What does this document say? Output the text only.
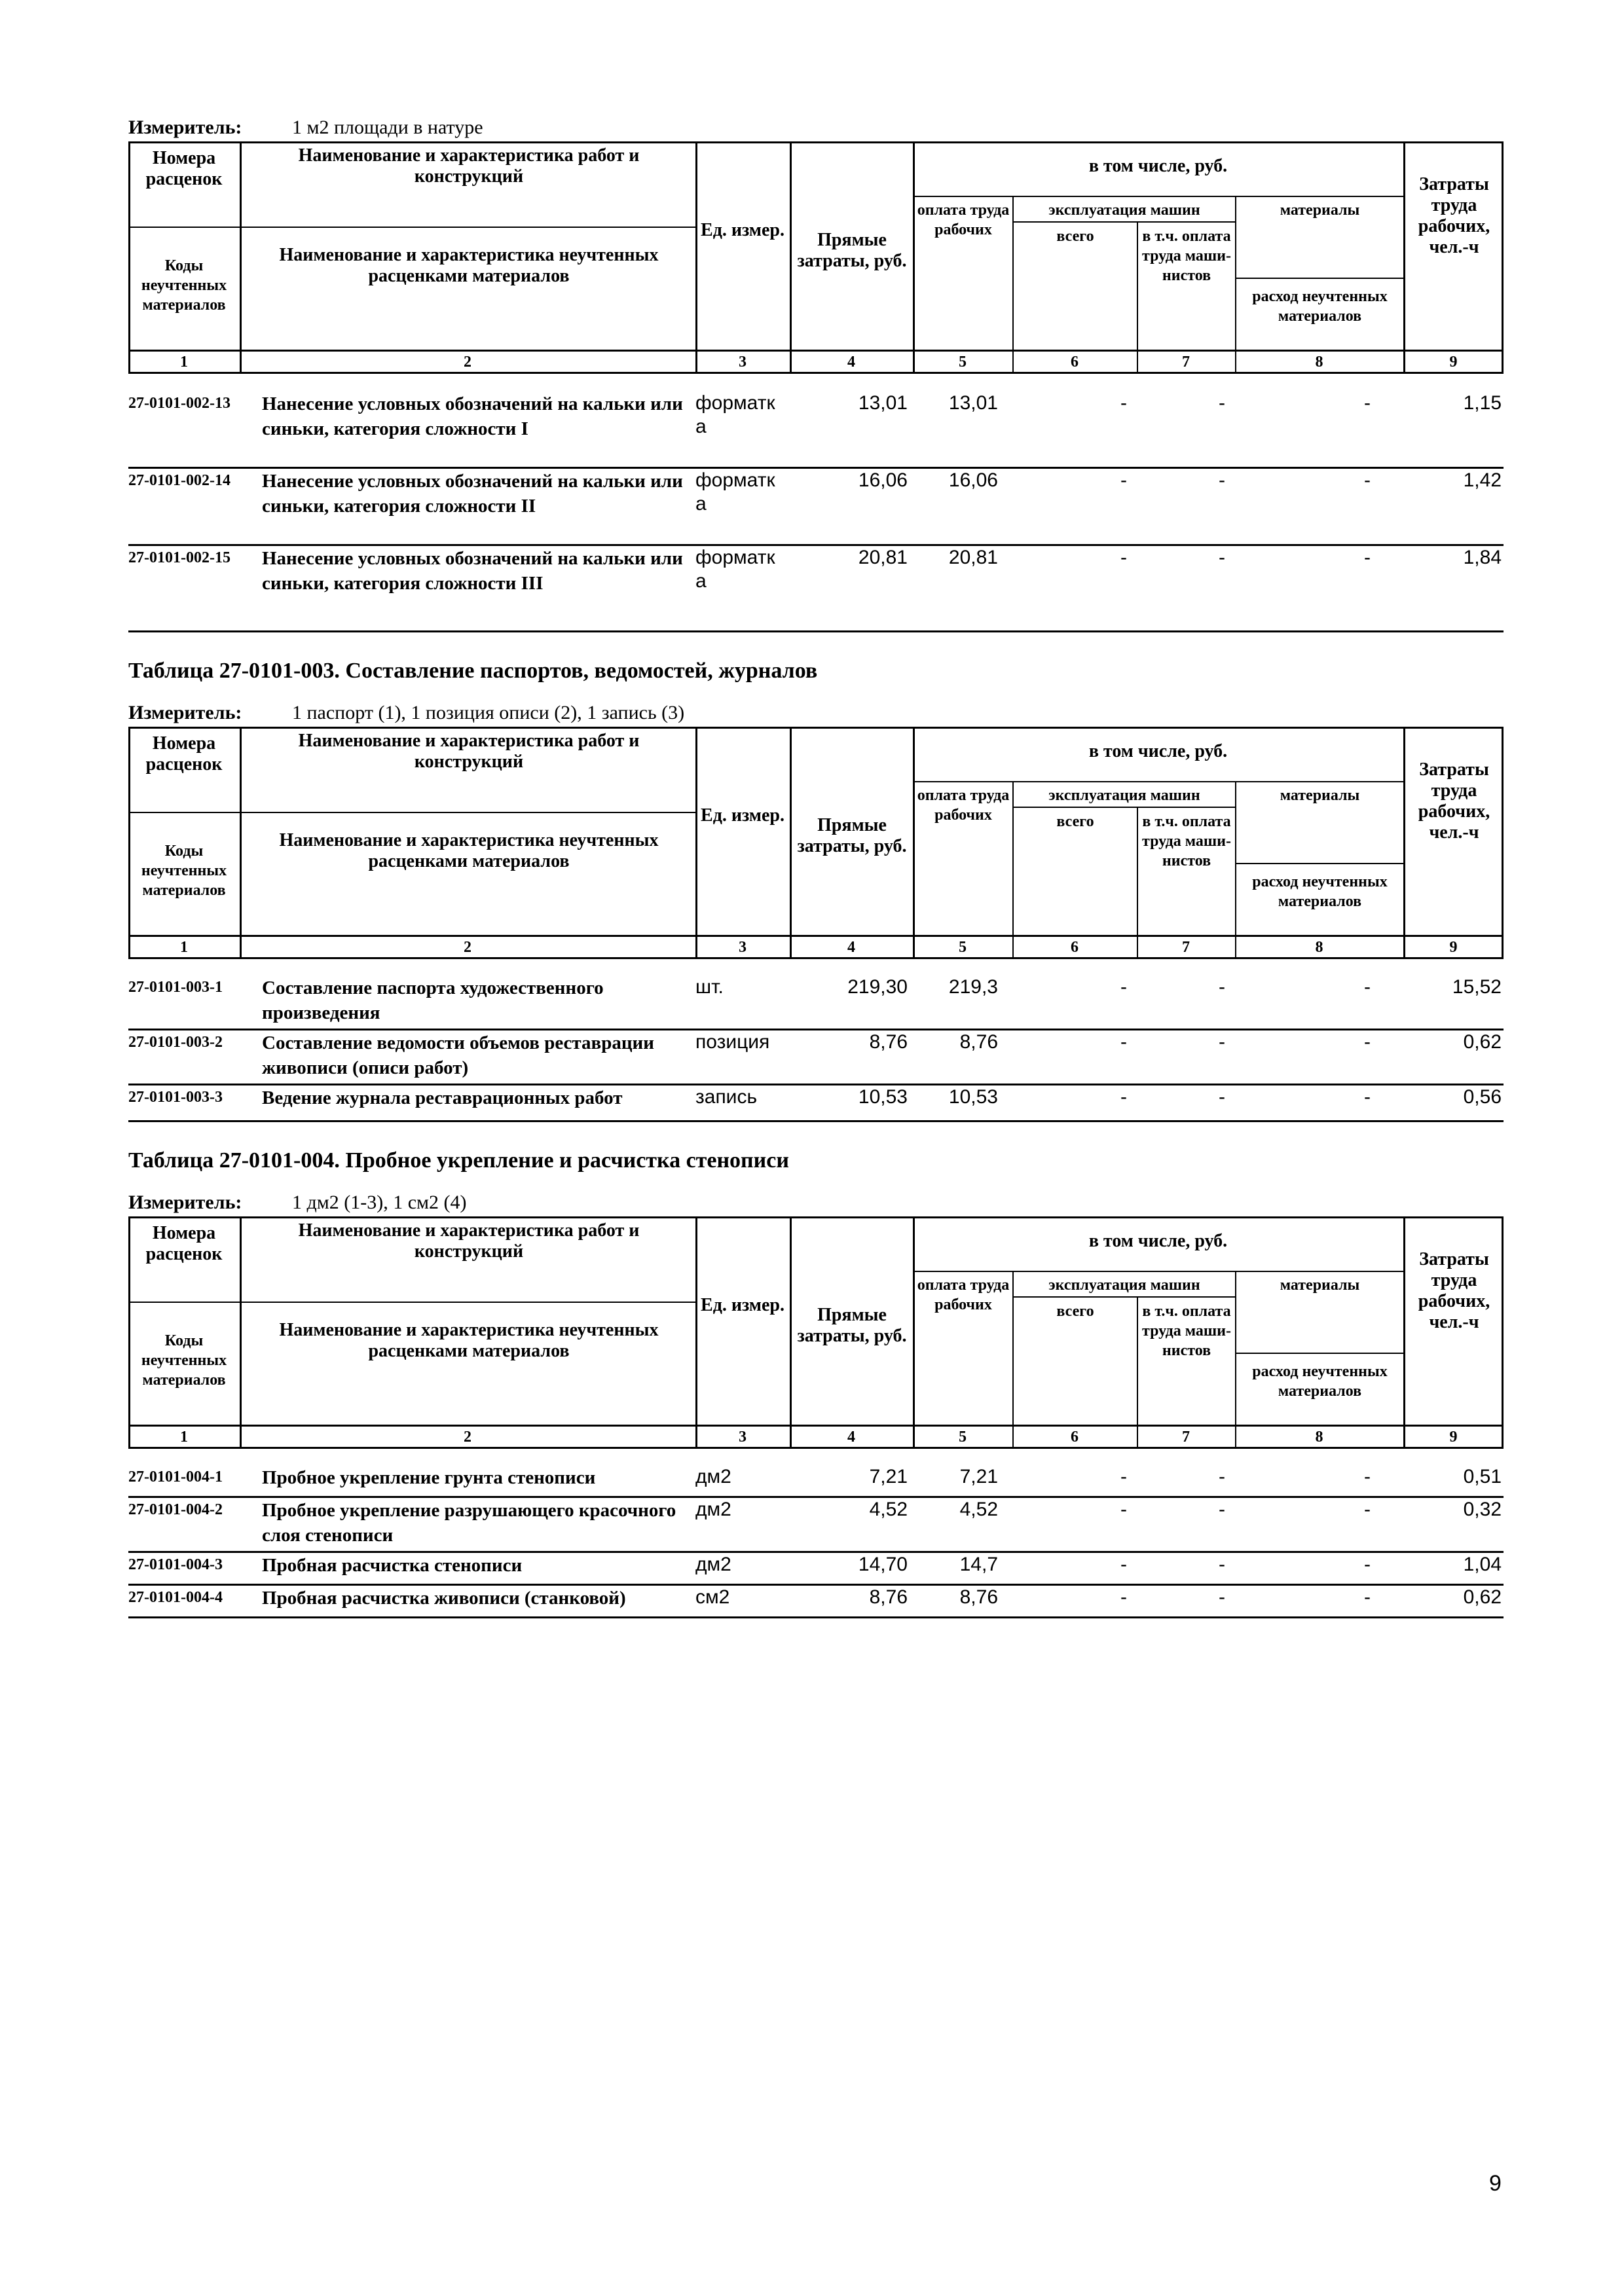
Измеритель:	1 м2 площади в натуре
Номера расценок
Наименование и характеристика работ и конструкций
Ед. измер.	Прямые затраты, руб.
в том числе, руб.
оплата труда рабочих
эксплуатация машин
всего	в т.ч. оплата труда маши-нистов
материалы
расход неучтенных материалов
Затраты труда рабочих, чел.-ч
Коды неучтенных материалов
Наименование и характеристика неучтенных расценками материалов
1	2	3	4	5	6	7	8	9
27-0101-002-13 Нанесение условных обозначений на кальки или синьки, категория сложности I
форматк а
13,01	13,01	-	-	-	1,15
27-0101-002-14 Нанесение условных обозначений на кальки или синьки, категория сложности II
форматк а
16,06	16,06	-	-	-	1,42
27-0101-002-15 Нанесение условных обозначений на кальки или синьки, категория сложности III
форматк а
20,81	20,81	-	-	-	1,84
Таблица 27-0101-003. Составление паспортов, ведомостей, журналов
Измеритель:	1 паспорт (1), 1 позиция описи (2), 1 запись (3)
Номера расценок
Наименование и характеристика работ и конструкций
Ед. измер.	Прямые затраты, руб.
в том числе, руб.
оплата труда рабочих
эксплуатация машин
всего	в т.ч. оплата труда маши-нистов
материалы
расход неучтенных материалов
Затраты труда рабочих, чел.-ч
Коды неучтенных материалов
Наименование и характеристика неучтенных расценками материалов
1	2	3	4	5	6	7	8	9
27-0101-003-1 Составление паспорта художественного произведения
шт.	219,30	219,3	-	-	-	15,52
27-0101-003-2 Составление ведомости объемов реставрации живописи (описи работ)
позиция	8,76	8,76	-	-	-	0,62
27-0101-003-3 Ведение журнала реставрационных работ	запись	10,53	10,53	-	-	-	0,56
Таблица 27-0101-004. Пробное укрепление и расчистка стенописи
Измеритель:	1 дм2 (1-3), 1 см2 (4)
Номера расценок
Наименование и характеристика работ и конструкций
Ед. измер.	Прямые затраты, руб.
в том числе, руб.
оплата труда рабочих
эксплуатация машин
всего	в т.ч. оплата труда маши-нистов
материалы
расход неучтенных материалов
Затраты труда рабочих, чел.-ч
Коды неучтенных материалов
Наименование и характеристика неучтенных расценками материалов
1	2	3	4	5	6	7	8	9
27-0101-004-1 Пробное укрепление грунта стенописи	дм2	7,21	7,21	-	-	-	0,51
27-0101-004-2 Пробное укрепление разрушающего красочного слоя стенописи
дм2	4,52	4,52	-	-	-	0,32
27-0101-004-3 Пробная расчистка стенописи	дм2	14,70	14,7	-	-	-	1,04
27-0101-004-4 Пробная расчистка живописи (станковой)	см2	8,76	8,76	-	-	-	0,62
9
